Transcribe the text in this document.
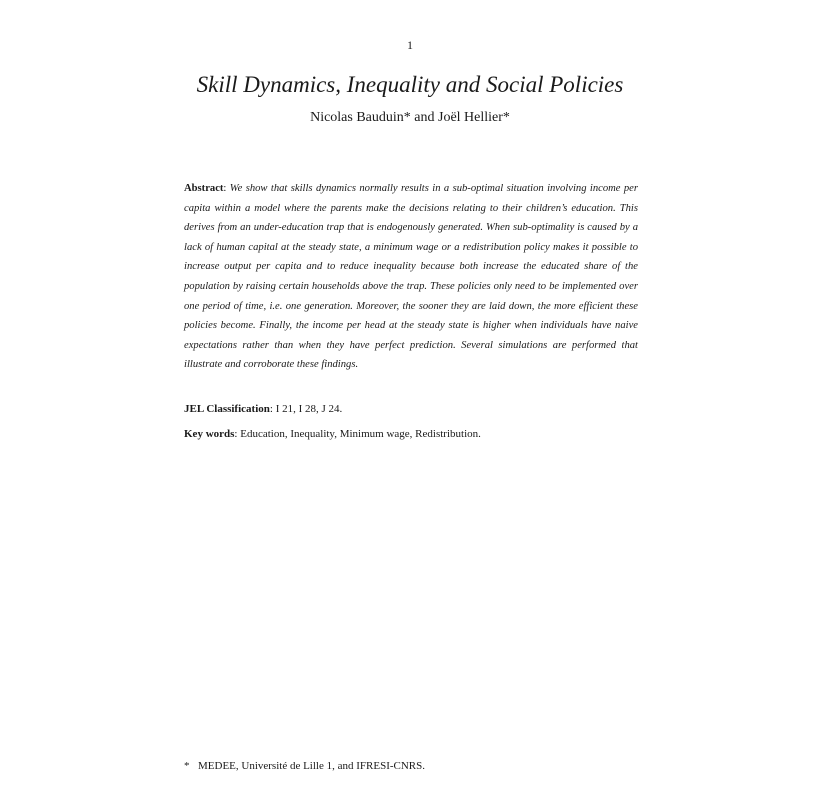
1
Skill Dynamics, Inequality and Social Policies
Nicolas Bauduin* and Joël Hellier*

Abstract: We show that skills dynamics normally results in a sub-optimal situation involving income per capita within a model where the parents make the decisions relating to their children’s education. This derives from an under-education trap that is endogenously generated. When sub-optimality is caused by a lack of human capital at the steady state, a minimum wage or a redistribution policy makes it possible to increase output per capita and to reduce inequality because both increase the educated share of the population by raising certain households above the trap. These policies only need to be implemented over one period of time, i.e. one generation. Moreover, the sooner they are laid down, the more efficient these policies become. Finally, the income per head at the steady state is higher when individuals have naive expectations rather than when they have perfect prediction. Several simulations are performed that illustrate and corroborate these findings.

JEL Classification: I 21, I 28, J 24.
Key words: Education, Inequality, Minimum wage, Redistribution.
* MEDEE, Université de Lille 1, and IFRESI-CNRS.
